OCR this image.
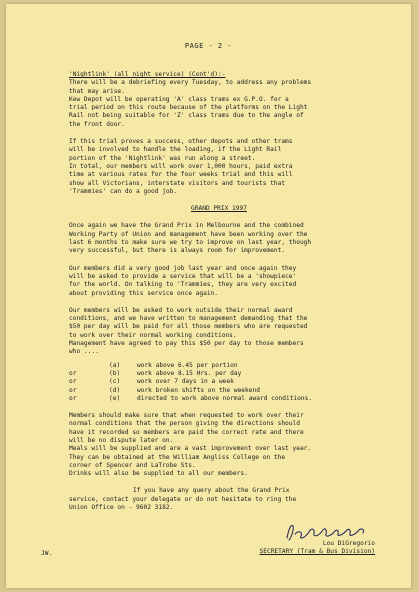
PAGE - 2 -

'Nightlink' (all night service) (Cont'd):-

There will be a debriefing every Tuesday, to address any problems

that may arise.

Kew Depot will be operating 'A' class trams ex G.P.O. for a

trial period on this route because of the platforms on the Light

Rail not being suitable for 'Z' class trams due to the angle of

the front door.

If this trial proves a success, other depots and other trams

will be involved to handle the loading, if the Light Rail

portion of the 'Nightlink' was run along a street.

In total, our members will work over 1,000 hours, paid extra

time at various rates for the four weeks trial and this will

show all Victorians, interstate visitors and tourists that

'Trammies' can do a good job.

GRAND PRIX 1997

Once again we have the Grand Prix in Melbourne and the combined

Working Party of Union and management have been working over the

last 6 months to make sure we try to improve on last year, though

very successful, but there is always room for improvement.

Our members did a very good job last year and once again they

will be asked to provide a service that will be a 'showpiece'

for the world. On talking to 'Trammies, they are very excited

about providing this service once again.

Our members will be asked to work outside their normal award

conditions, and we have written to management demanding that the

$50 per day will be paid for all those members who are requested

to work over their normal working conditions.

Management have agreed to pay this $50 per day to those members

who ....

(a)	work above 6.45 per portion
or	(b)	work above 8.15 Hrs. per day
or	(c)	work over 7 days in a week
or	(d)	work broken shifts on the weekend
or	(e)	directed to work above normal award conditions.

Members should make sure that when requested to work over their

normal conditions that the person giving the directions should

have it recorded so members are paid the correct rate and there

will be no dispute later on.

Meals will be supplied and are a vast improvement over last year.

They can be obtained at the William Angliss College on the

corner of Spencer and LaTrobe Sts.

Drinks will also be supplied to all our members.

If you have any query about the Grand Prix

service, contact your delegate or do not hesitate to ring the

Union Office on - 9602 3182.

JW.
Lou DiGregorio
SECRETARY (Tram & Bus Division)
